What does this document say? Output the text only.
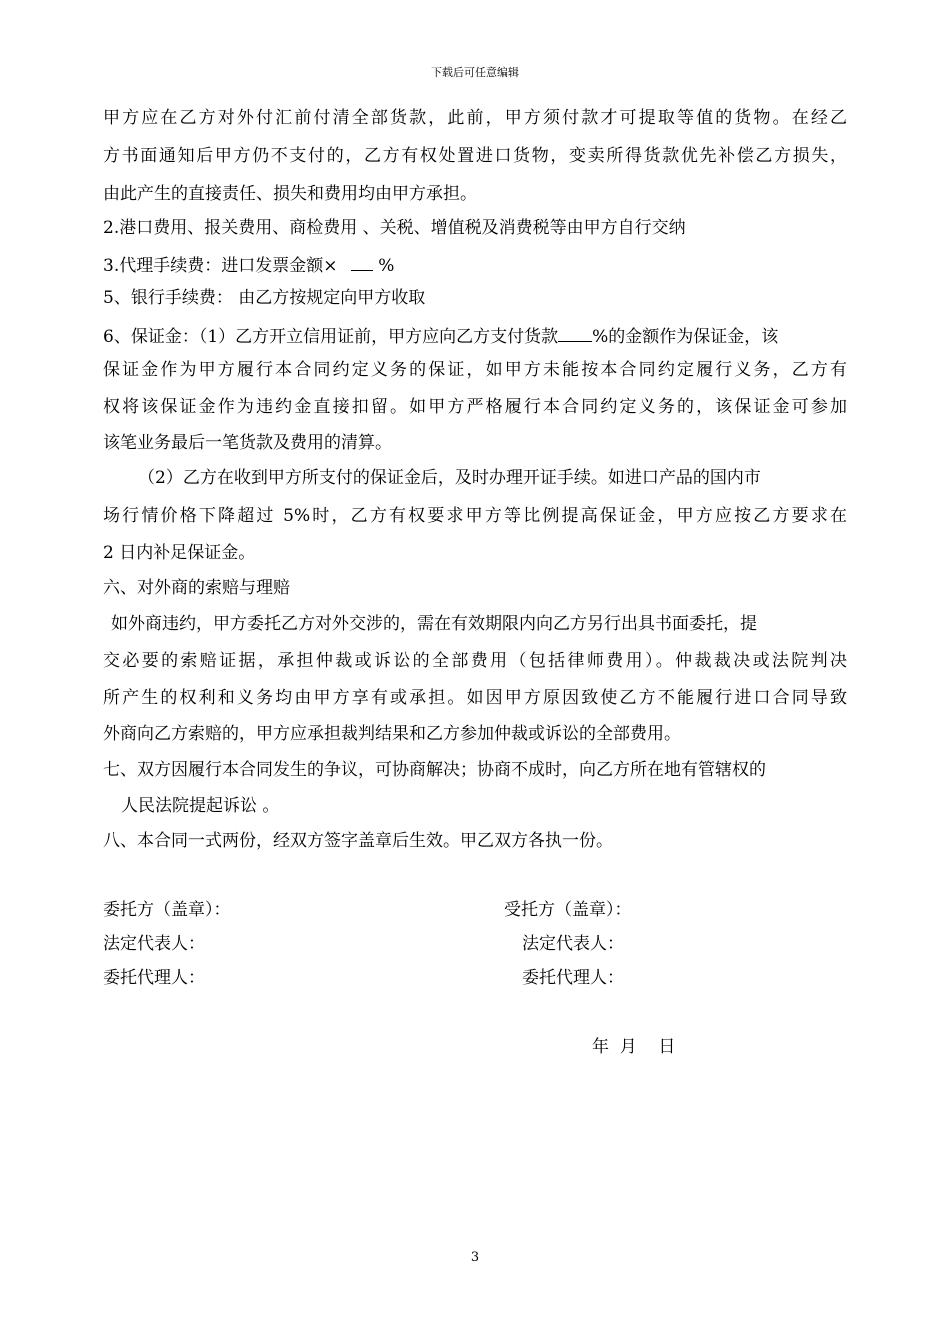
下载后可任意编辑
甲方应在乙方对外付汇前付清全部货款，此前，甲方须付款才可提取等值的货物。在经乙
方书面通知后甲方仍不支付的，乙方有权处置进口货物，变卖所得货款优先补偿乙方损失，
由此产生的直接责任、损失和费用均由甲方承担。
2.港口费用、报关费用、商检费用 、关税、增值税及消费税等由甲方自行交纳
3.代理手续费：进口发票金额× %
5、银行手续费： 由乙方按规定向甲方收取
6、保证金：（1）乙方开立信用证前，甲方应向乙方支付货款 %的金额作为保证金，该
保证金作为甲方履行本合同约定义务的保证，如甲方未能按本合同约定履行义务，乙方有
权将该保证金作为违约金直接扣留。如甲方严格履行本合同约定义务的，该保证金可参加
该笔业务最后一笔货款及费用的清算。
（2）乙方在收到甲方所支付的保证金后，及时办理开证手续。如进口产品的国内市
场行情价格下降超过 5%时，乙方有权要求甲方等比例提高保证金，甲方应按乙方要求在
2 日内补足保证金。
六、对外商的索赔与理赔
如外商违约，甲方委托乙方对外交涉的，需在有效期限内向乙方另行出具书面委托，提
交必要的索赔证据，承担仲裁或诉讼的全部费用（包括律师费用）。仲裁裁决或法院判决
所产生的权利和义务均由甲方享有或承担。如因甲方原因致使乙方不能履行进口合同导致
外商向乙方索赔的，甲方应承担裁判结果和乙方参加仲裁或诉讼的全部费用。
七、双方因履行本合同发生的争议，可协商解决；协商不成时，向乙方所在地有管辖权的
人民法院提起诉讼 。
八、本合同一式两份，经双方签字盖章后生效。甲乙双方各执一份。
委托方（盖章）：
法定代表人：
委托代理人：
受托方（盖章）：
法定代表人：
委托代理人：
年  月    日
3
